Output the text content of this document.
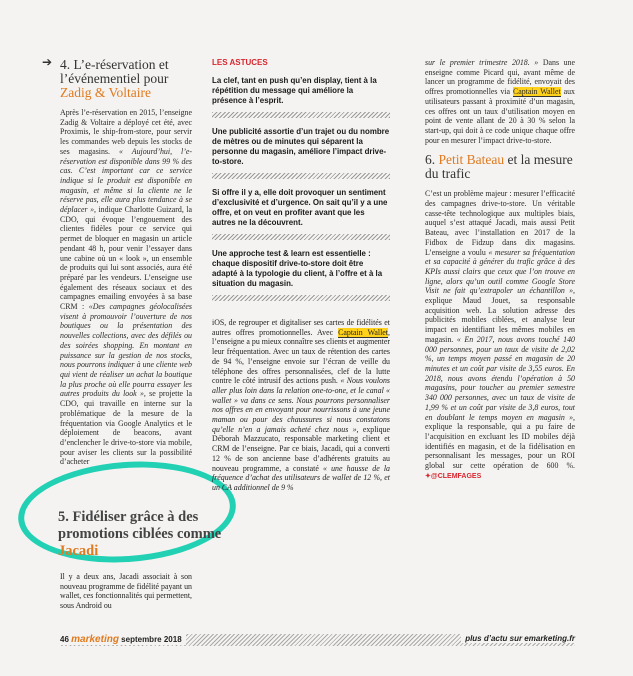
➔ 4. L’e-réservation et l’événementiel pour Zadig & Voltaire

Après l’e-réservation en 2015, l’enseigne Zadig & Voltaire a déployé cet été, avec Proximis, le ship-from-store, pour servir les commandes web depuis les stocks de ses magasins. « Aujourd’hui, l’e-réservation est disponible dans 99 % des cas. C’est important car ce service indique si le produit est disponible en magasin, et même si la cliente ne le réserve pas, elle aura plus tendance à se déplacer », indique Charlotte Guizard, la CDO, qui évoque l’engouement des clientes fidèles pour ce service qui permet de bloquer en magasin un article pendant 48 h, pour venir l’essayer dans une cabine où un « look », un ensemble de produits qui lui sont associés, aura été préparé par les vendeurs. L’enseigne use également des réseaux sociaux et des campagnes emailing envoyées à sa base CRM : «Des campagnes géolocalisées visent à promouvoir l’ouverture de nos boutiques ou la présentation des nouvelles collections, avec des défilés ou des soirées shopping. En montant en puissance sur la gestion de nos stocks, nous pourrons indiquer à une cliente web qui vient de réaliser un achat la boutique la plus proche où elle pourra essayer les autres produits du look », se projette la CDO, qui travaille en interne sur la problématique de la mesure de la fréquentation via Google Analytics et le déploiement de beacons, avant d’enclencher le drive-to-store via mobile, pour aviser les clients sur la possibilité d’acheter

5. Fidéliser grâce à des promotions ciblées comme Jacadi

Il y a deux ans, Jacadi associait à son nouveau programme de fidélité payant un wallet, ces fonctionnalités qui permettent, sous Android ou

LES ASTUCES
La clef, tant en push qu’en display, tient à la répétition du message qui améliore la présence à l’esprit.
Une publicité assortie d’un trajet ou du nombre de mètres ou de minutes qui séparent la personne du magasin, améliore l’impact drive-to-store.
Si offre il y a, elle doit provoquer un sentiment d’exclusivité et d’urgence. On sait qu’il y a une offre, et on veut en profiter avant que les autres ne la découvrent.
Une approche test & learn est essentielle : chaque dispositif drive-to-store doit être adapté à la typologie du client, à l’offre et à la situation du magasin.

iOS, de regrouper et digitaliser ses cartes de fidélités et autres offres promotionnelles. Avec Captain Wallet, l’enseigne a pu mieux connaître ses clients et augmenter leur fréquentation. Avec un taux de rétention des cartes de 94 %, l’enseigne envoie sur l’écran de veille du téléphone des offres personnalisées, clef de la lutte contre le côté intrusif des actions push. « Nous voulons aller plus loin dans la relation one-to-one, et le canal « wallet » va dans ce sens. Nous pourrons personnaliser nos offres en en envoyant pour nourrissons à une jeune maman ou pour des chaussures si nous constatons qu’elle n’en a jamais acheté chez nous », explique Déborah Mazzucato, responsable marketing client et CRM de l’enseigne. Par ce biais, Jacadi, qui a converti 12 % de son ancienne base d’adhérents gratuits au nouveau programme, a constaté « une hausse de la fréquence d’achat des utilisateurs de wallet de 12 %, et un CA additionnel de 9 %

sur le premier trimestre 2018. » Dans une enseigne comme Picard qui, avant même de lancer un programme de fidélité, envoyait des offres promotionnelles via Captain Wallet aux utilisateurs passant à proximité d’un magasin, ces offres ont un taux d’utilisation moyen en point de vente allant de 20 à 30 % selon la start-up, qui doit à ce code unique chaque offre pour en mesurer l’impact drive-to-store.

6. Petit Bateau et la mesure du trafic

C’est un problème majeur : mesurer l’efficacité des campagnes drive-to-store. Un véritable casse-tête technologique aux multiples biais, auquel s’est attaqué Jacadi, mais aussi Petit Bateau, avec l’installation en 2017 de la Fidbox de Fidzup dans dix magasins. L’enseigne a voulu « mesurer sa fréquentation et sa capacité à générer du trafic grâce à des KPIs aussi clairs que ceux que l’on trouve en ligne, alors qu’un outil comme Google Store Visit ne fait qu’extrapoler un échantillon », explique Maud Jouet, sa responsable acquisition web. La solution adresse des publicités mobiles ciblées, et analyse leur impact en identifiant les mêmes mobiles en magasin. « En 2017, nous avons touché 140 000 personnes, pour un taux de visite de 2,02 %, un temps moyen passé en magasin de 20 minutes et un coût par visite de 3,55 euros. En 2018, nous avons étendu l’opération à 50 magasins, pour toucher au premier semestre 340 000 personnes, avec un taux de visite de 1,99 % et un coût par visite de 3,8 euros, tout en doublant le temps moyen en magasin », explique la responsable, qui a pu faire de l’acquisition en excluant les ID mobiles déjà identifiés en magasin, et de la fidélisation en personnalisant les messages, pour un ROI global sur cette opération de 600 %. ✦@CLEMFAGES

46 marketing septembre 2018	plus d’actu sur emarketing.fr
